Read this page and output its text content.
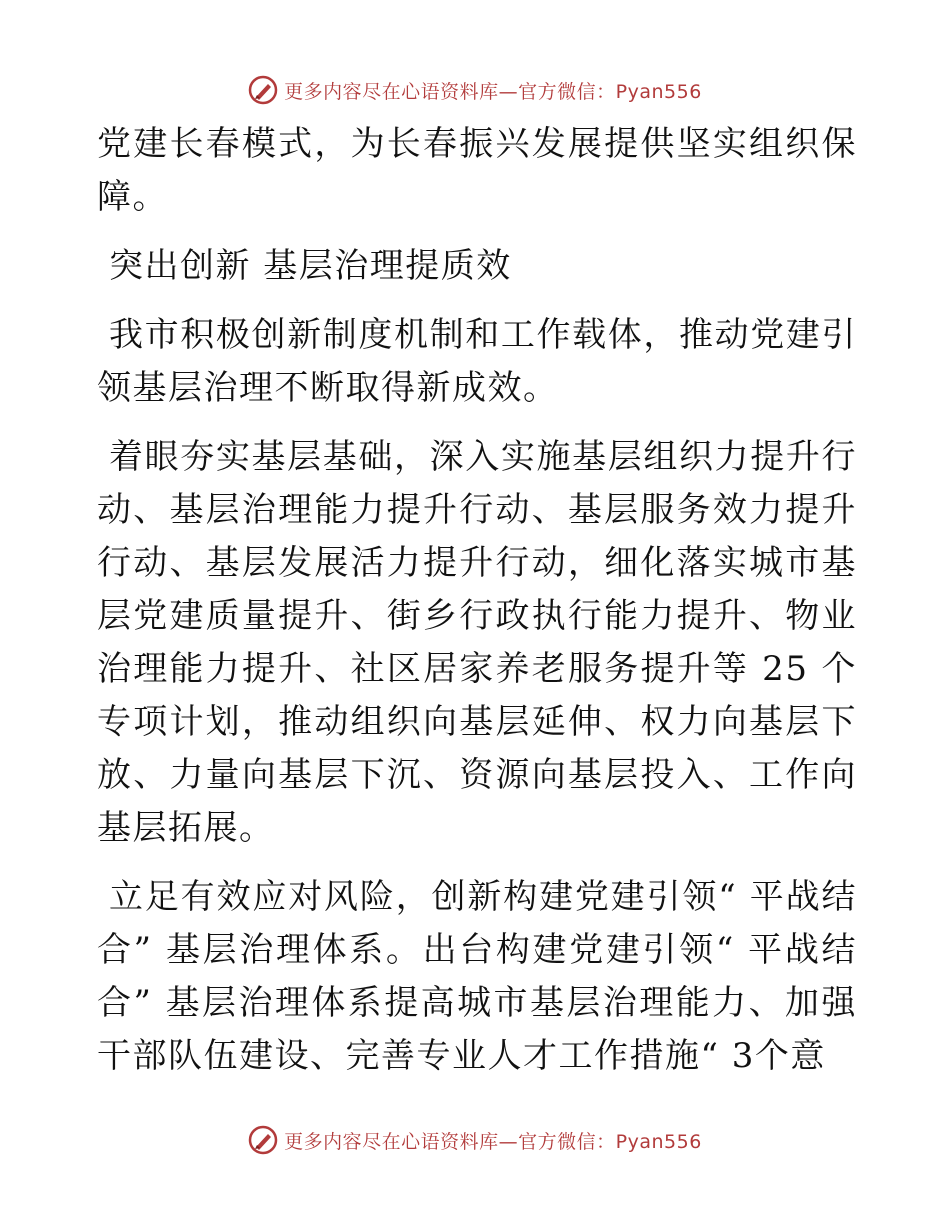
更多内容尽在心语资料库—官方微信：Pyan556

党建长春模式，为长春振兴发展提供坚实组织保障。

突出创新 基层治理提质效

我市积极创新制度机制和工作载体，推动党建引领基层治理不断取得新成效。

着眼夯实基层基础，深入实施基层组织力提升行动、基层治理能力提升行动、基层服务效力提升行动、基层发展活力提升行动，细化落实城市基层党建质量提升、街乡行政执行能力提升、物业治理能力提升、社区居家养老服务提升等 25 个专项计划，推动组织向基层延伸、权力向基层下放、力量向基层下沉、资源向基层投入、工作向基层拓展。

立足有效应对风险，创新构建党建引领“ 平战结合” 基层治理体系。出台构建党建引领“ 平战结合” 基层治理体系提高城市基层治理能力、加强干部队伍建设、完善专业人才工作措施“ 3个意

更多内容尽在心语资料库—官方微信：Pyan556
